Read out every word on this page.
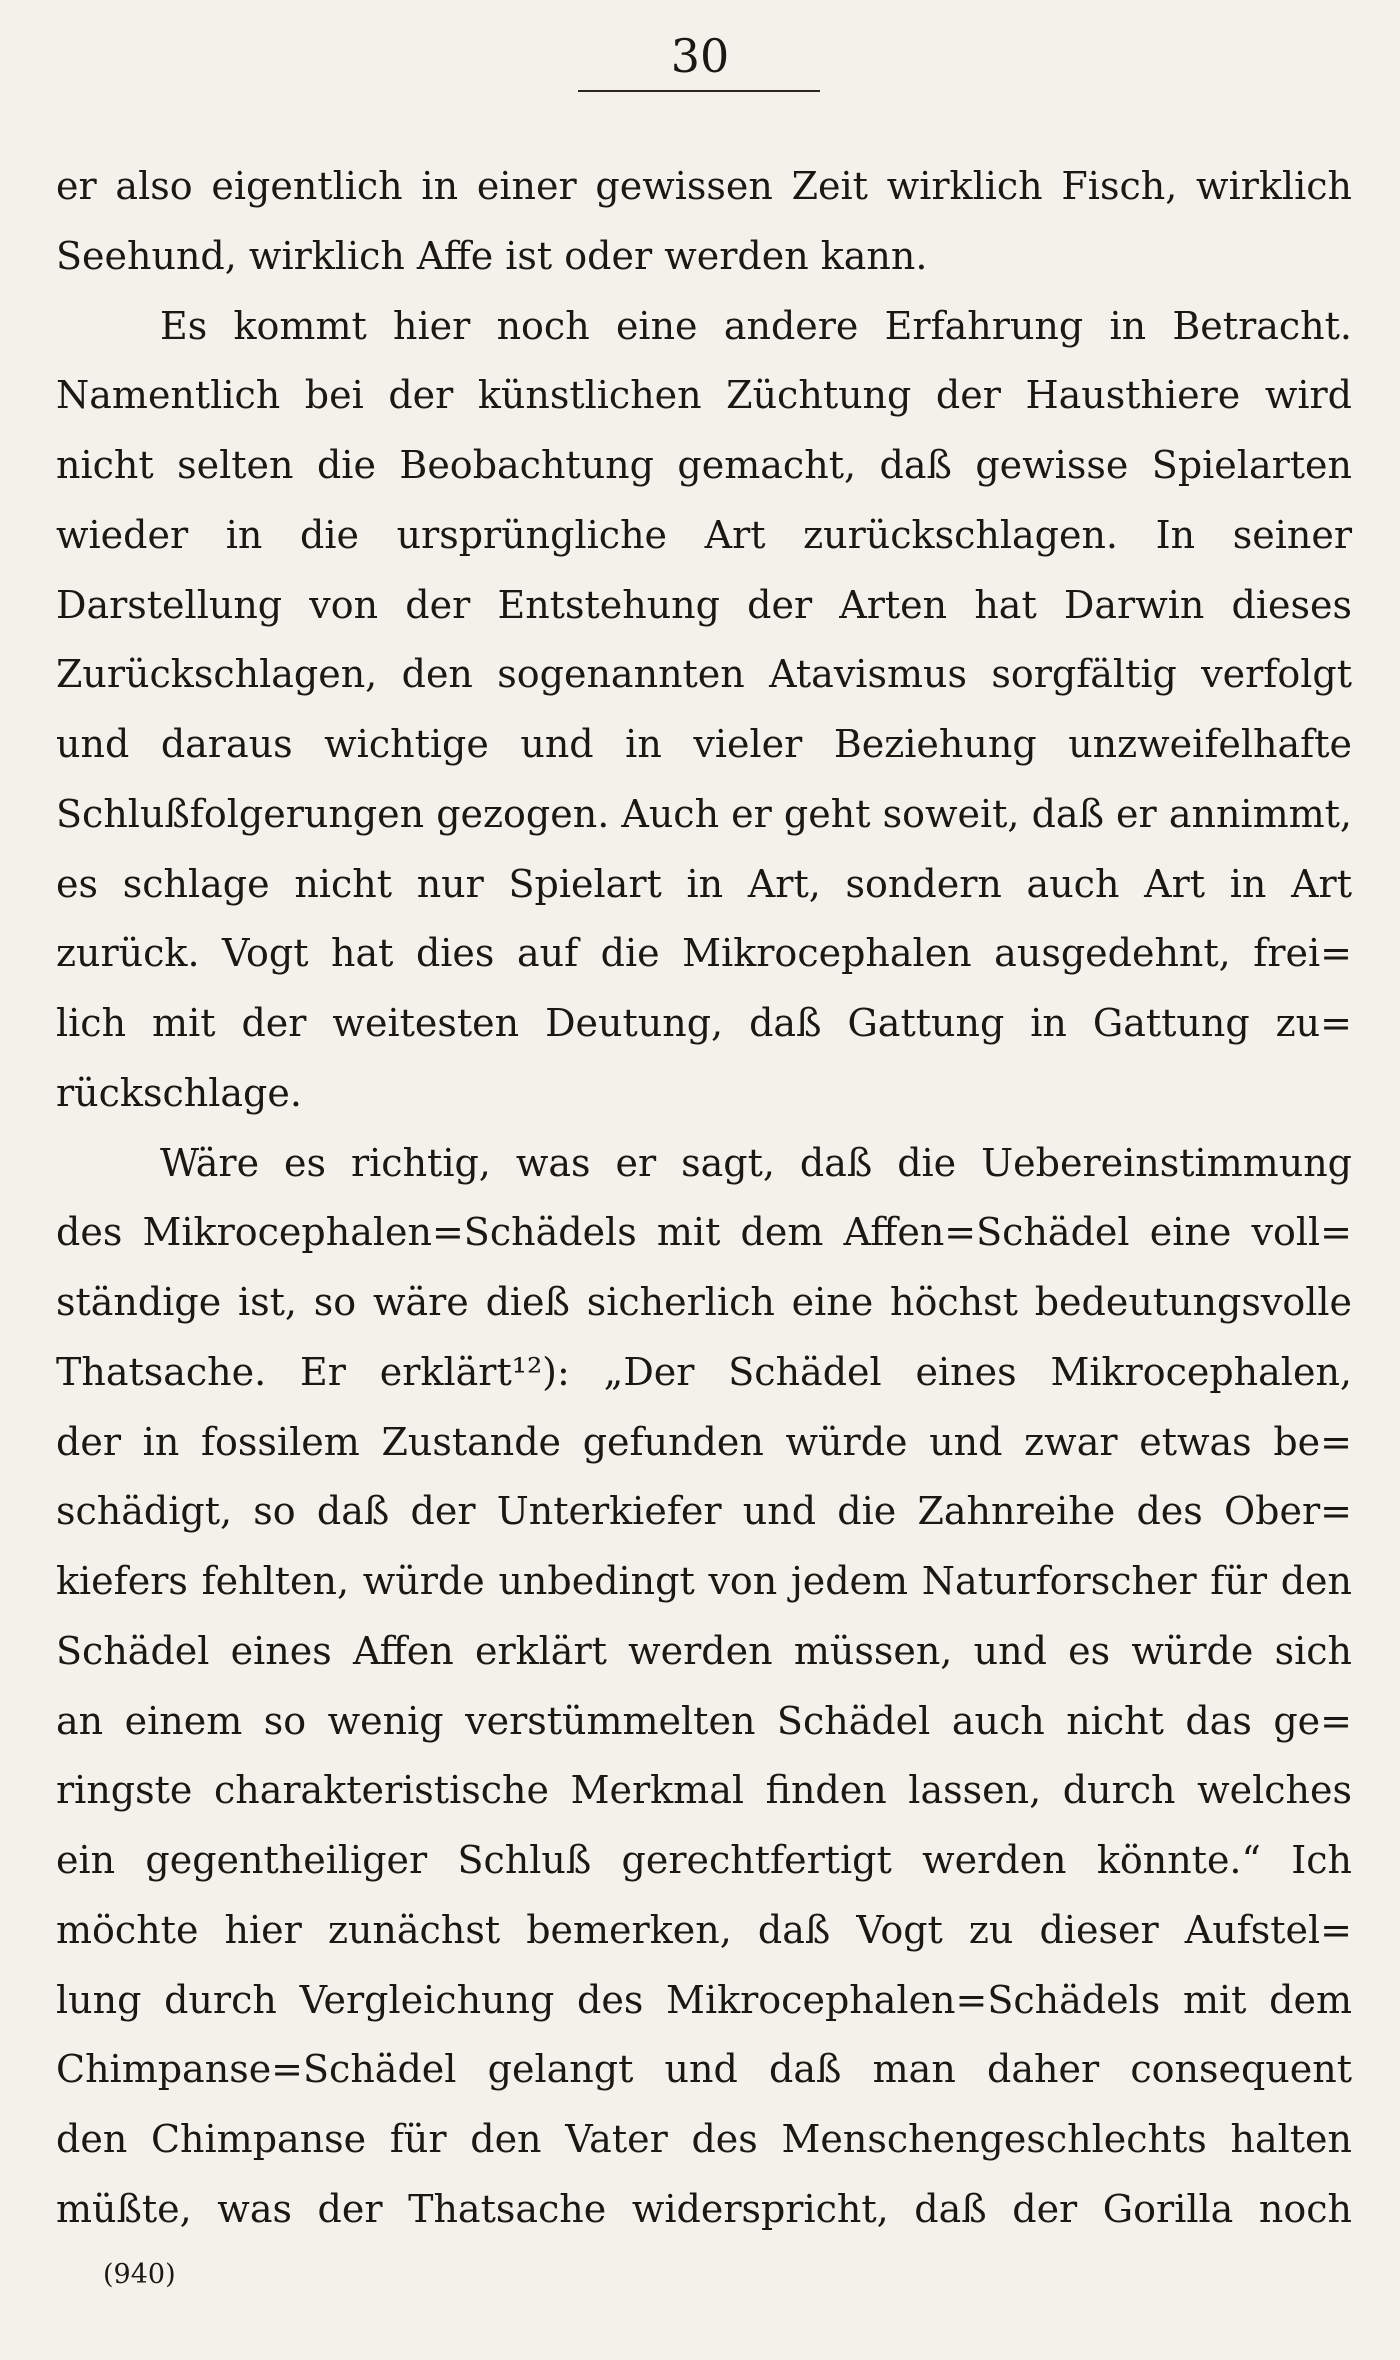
30
er also eigentlich in einer gewissen Zeit wirklich Fisch, wirklich
Seehund, wirklich Affe ist oder werden kann.
Es kommt hier noch eine andere Erfahrung in Betracht.
Namentlich bei der künstlichen Züchtung der Hausthiere wird
nicht selten die Beobachtung gemacht, daß gewisse Spielarten
wieder in die ursprüngliche Art zurückschlagen. In seiner
Darstellung von der Entstehung der Arten hat Darwin dieses
Zurückschlagen, den sogenannten Atavismus sorgfältig verfolgt
und daraus wichtige und in vieler Beziehung unzweifelhafte
Schlußfolgerungen gezogen. Auch er geht soweit, daß er annimmt,
es schlage nicht nur Spielart in Art, sondern auch Art in Art
zurück. Vogt hat dies auf die Mikrocephalen ausgedehnt, frei=
lich mit der weitesten Deutung, daß Gattung in Gattung zu=
rückschlage.
Wäre es richtig, was er sagt, daß die Uebereinstimmung
des Mikrocephalen=Schädels mit dem Affen=Schädel eine voll=
ständige ist, so wäre dieß sicherlich eine höchst bedeutungsvolle
Thatsache. Er erklärt¹²): „Der Schädel eines Mikrocephalen,
der in fossilem Zustande gefunden würde und zwar etwas be=
schädigt, so daß der Unterkiefer und die Zahnreihe des Ober=
kiefers fehlten, würde unbedingt von jedem Naturforscher für den
Schädel eines Affen erklärt werden müssen, und es würde sich
an einem so wenig verstümmelten Schädel auch nicht das ge=
ringste charakteristische Merkmal finden lassen, durch welches
ein gegentheiliger Schluß gerechtfertigt werden könnte.“ Ich
möchte hier zunächst bemerken, daß Vogt zu dieser Aufstel=
lung durch Vergleichung des Mikrocephalen=Schädels mit dem
Chimpanse=Schädel gelangt und daß man daher consequent
den Chimpanse für den Vater des Menschengeschlechts halten
müßte, was der Thatsache widerspricht, daß der Gorilla noch
(940)
